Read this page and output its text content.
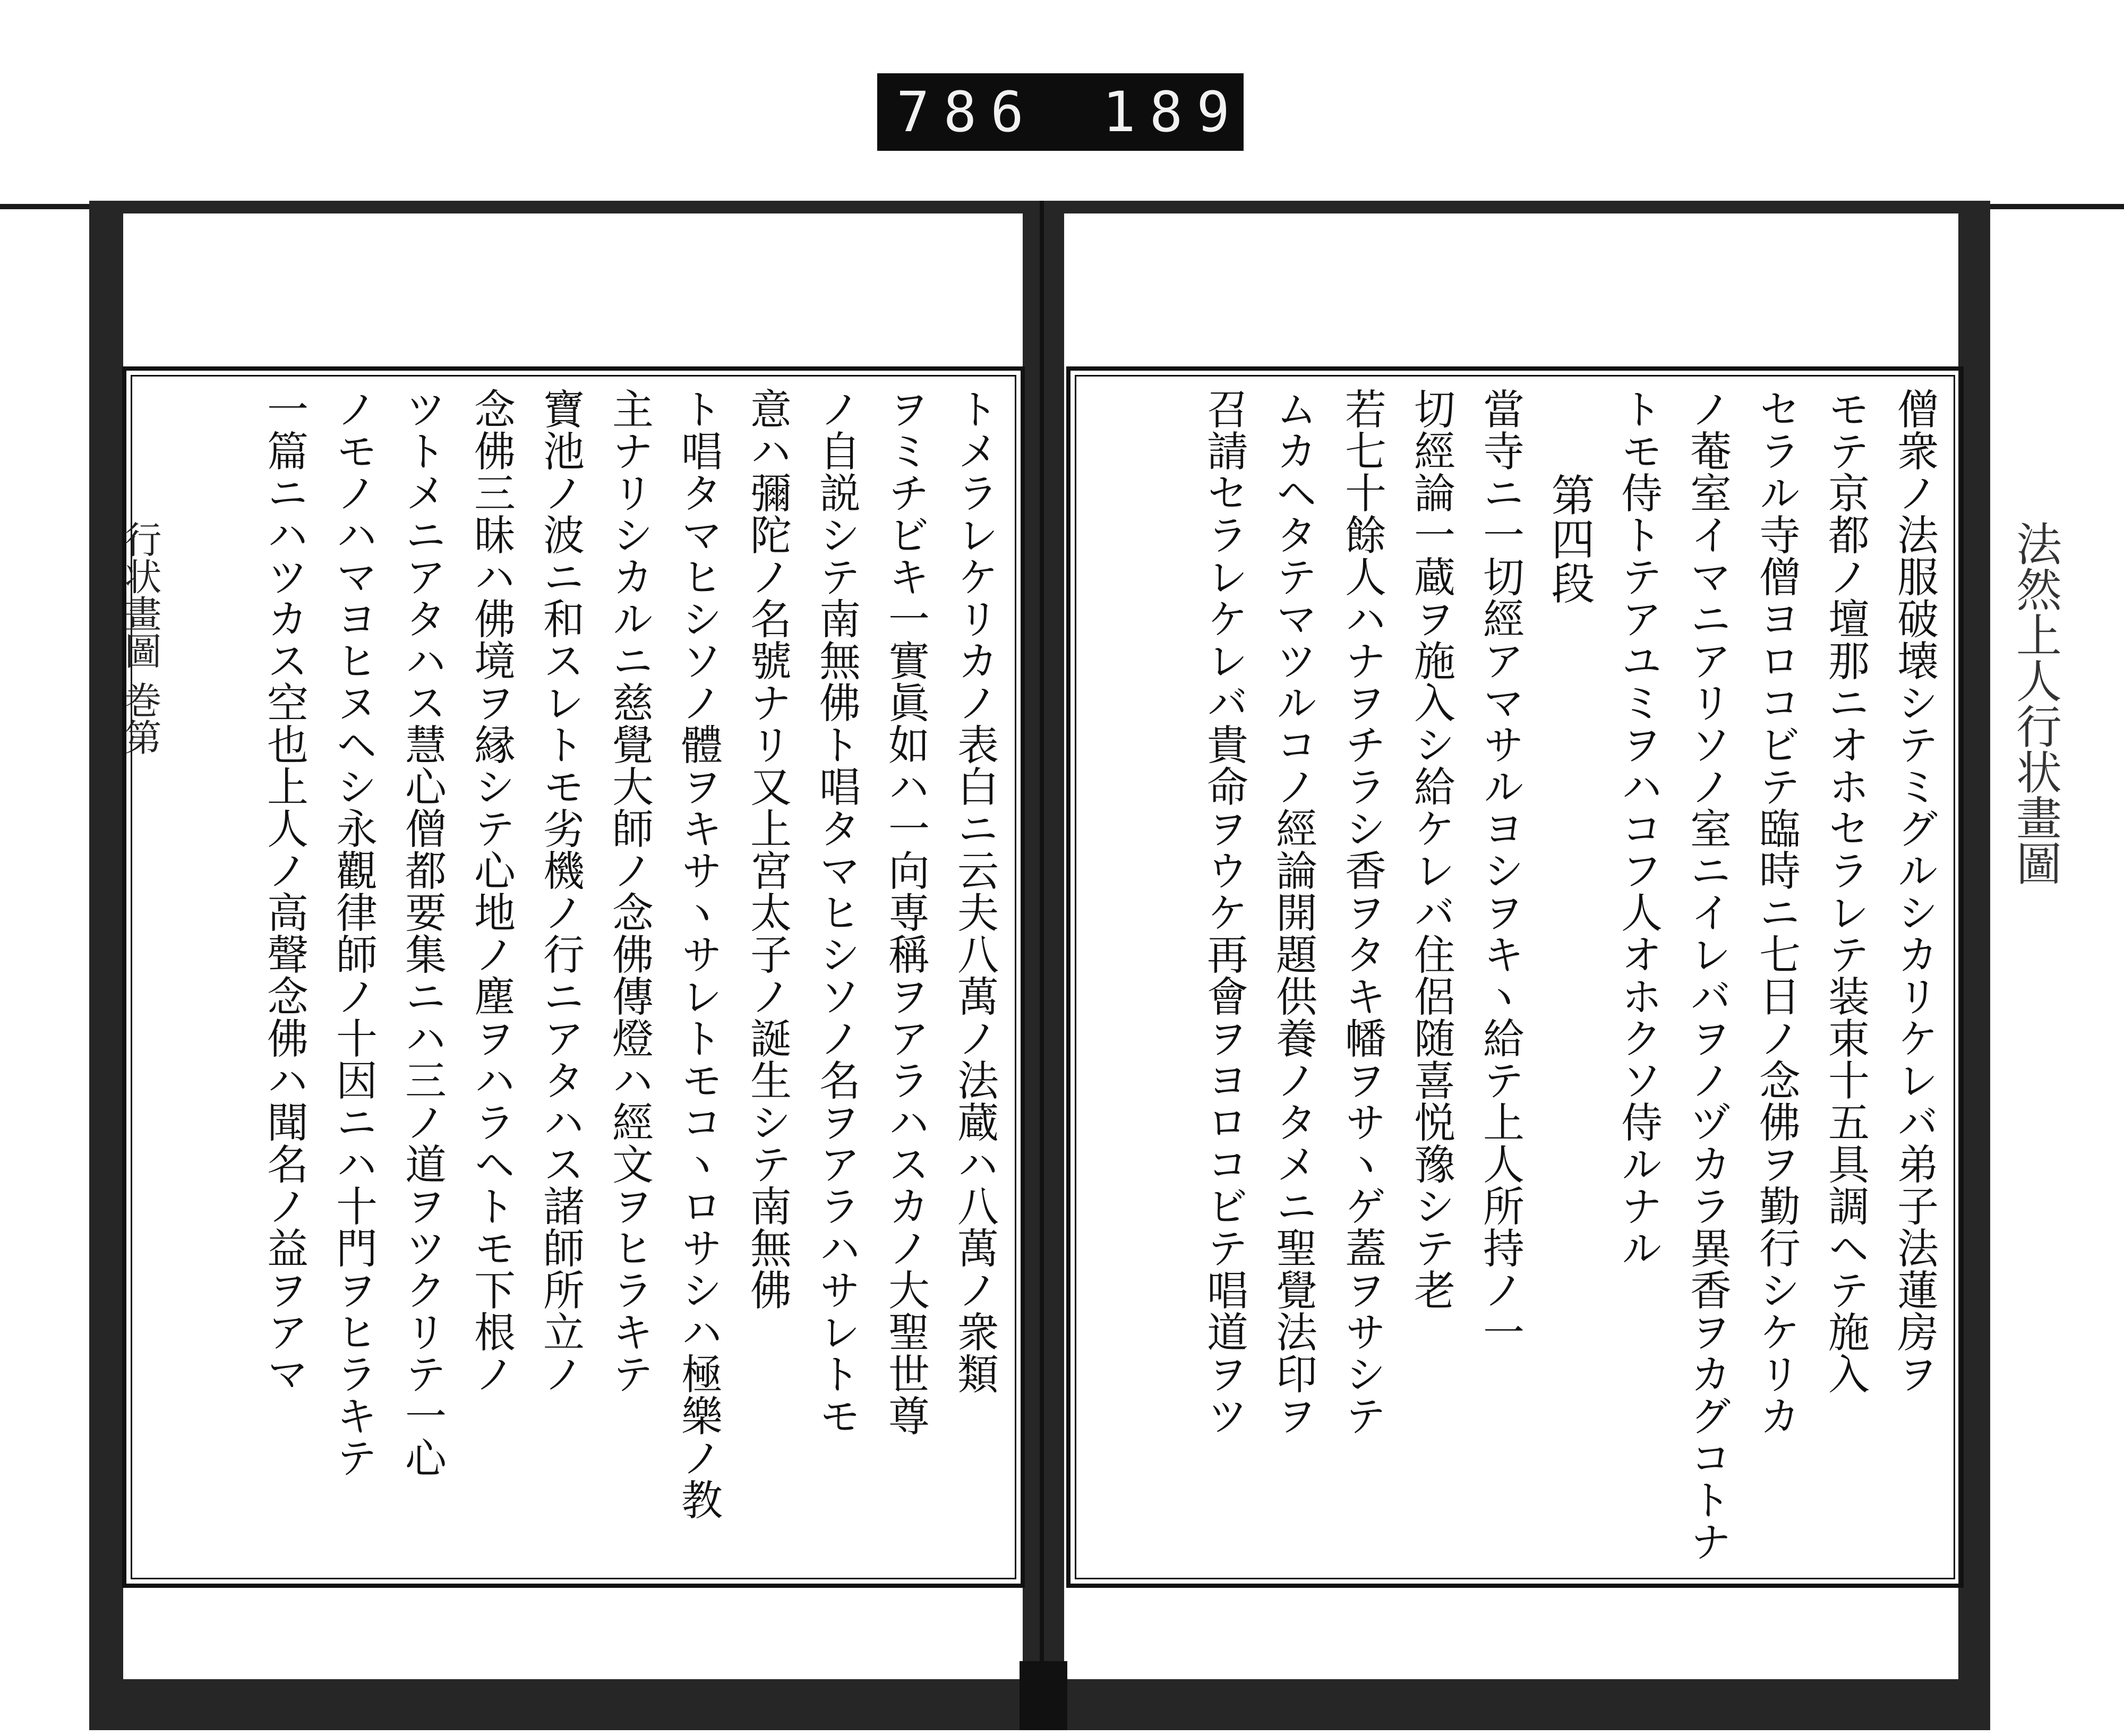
786	189
法然上人行状畫圖
行状畫圖 巻第	僧衆ノ法服破壊シテミグルシカリケレバ弟子法蓮房ヲ
モテ京都ノ壇那ニオホセラレテ装束十五具調ヘテ施入
セラル寺僧ヨロコビテ臨時ニ七日ノ念佛ヲ勤行シケリカ
ノ菴室イマニアリソノ室ニイレバヲノヅカラ異香ヲカグコトナ
トモ侍トテアユミヲハコフ人オホクソ侍ルナル
第四段
當寺ニ一切經アマサルヨシヲキヽ給テ上人所持ノ一
切經論一蔵ヲ施入シ給ケレバ住侶随喜悦豫シテ老
若七十餘人ハナヲチラシ香ヲタキ幡ヲサヽゲ蓋ヲサシテ
ムカヘタテマツルコノ經論開題供養ノタメニ聖覺法印ヲ
召請セラレケレバ貴命ヲウケ再會ヲヨロコビテ唱道ヲツ
トメラレケリカノ表白ニ云夫八萬ノ法蔵ハ八萬ノ衆類
ヲミチビキ一實眞如ハ一向専稱ヲアラハスカノ大聖世尊
ノ自説シテ南無佛ト唱タマヒシソノ名ヲアラハサレトモ
意ハ彌陀ノ名號ナリ又上宮太子ノ誕生シテ南無佛
ト唱タマヒシソノ體ヲキサヽサレトモコヽロサシハ極樂ノ教
主ナリシカルニ慈覺大師ノ念佛傳燈ハ經文ヲヒラキテ
寶池ノ波ニ和スレトモ劣機ノ行ニアタハス諸師所立ノ
念佛三昧ハ佛境ヲ縁シテ心地ノ塵ヲハラヘトモ下根ノ
ツトメニアタハス慧心僧都要集ニハ三ノ道ヲツクリテ一心
ノモノハマヨヒヌヘシ永觀律師ノ十因ニハ十門ヲヒラキテ
一篇ニハツカス空也上人ノ高聲念佛ハ聞名ノ益ヲアマ
